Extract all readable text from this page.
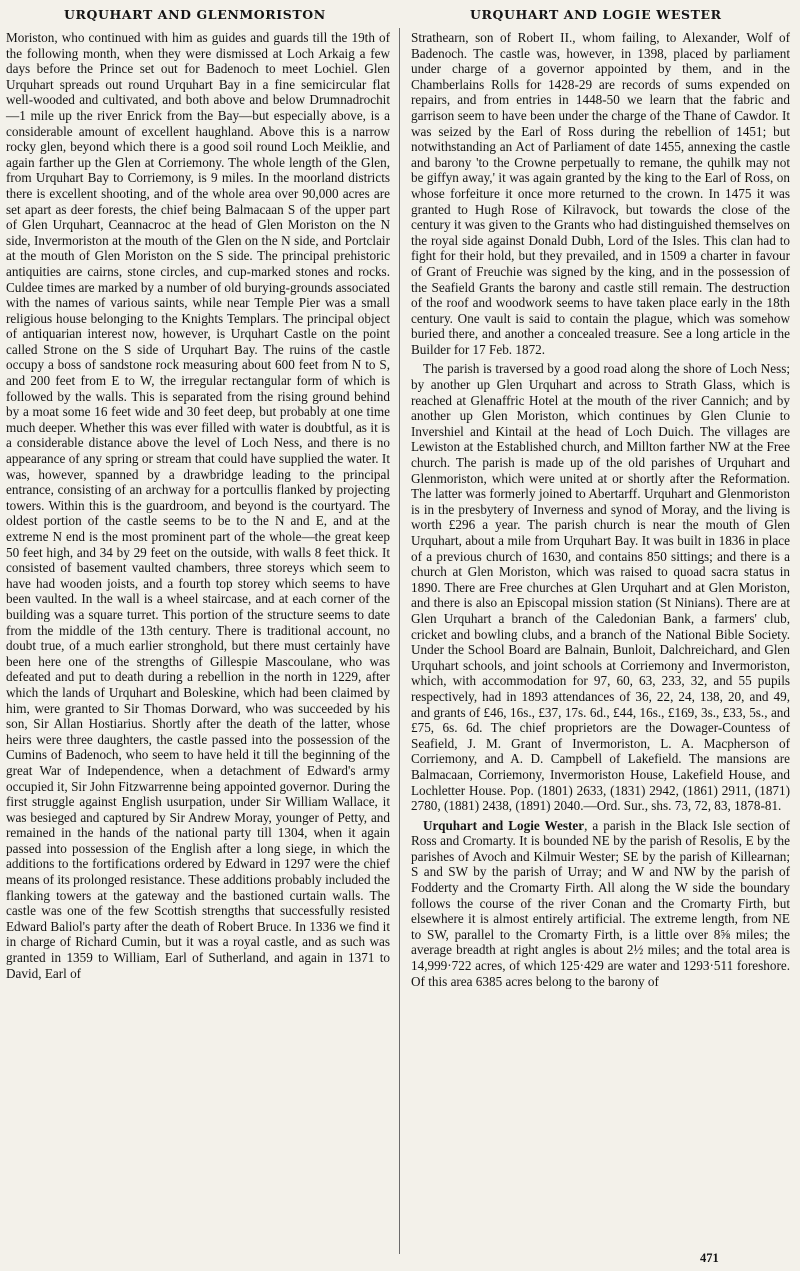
URQUHART AND GLENMORISTON	URQUHART AND LOGIE WESTER

Moriston, who continued with him as guides and guards till the 19th of the following month, when they were dismissed at Loch Arkaig a few days before the Prince set out for Badenoch to meet Lochiel. Glen Urquhart spreads out round Urquhart Bay in a fine semicircular flat well-wooded and cultivated, and both above and below Drumnadrochit—1 mile up the river Enrick from the Bay—but especially above, is a considerable amount of excellent haughland. Above this is a narrow rocky glen, beyond which there is a good soil round Loch Meiklie, and again farther up the Glen at Corriemony. The whole length of the Glen, from Urquhart Bay to Corriemony, is 9 miles. In the moorland districts there is excellent shooting, and of the whole area over 90,000 acres are set apart as deer forests, the chief being Balmacaan S of the upper part of Glen Urquhart, Ceannacroc at the head of Glen Moriston on the N side, Invermoriston at the mouth of the Glen on the N side, and Portclair at the mouth of Glen Moriston on the S side. The principal prehistoric antiquities are cairns, stone circles, and cup-marked stones and rocks. Culdee times are marked by a number of old burying-grounds associated with the names of various saints, while near Temple Pier was a small religious house belonging to the Knights Templars. The principal object of antiquarian interest now, however, is Urquhart Castle on the point called Strone on the S side of Urquhart Bay. The ruins of the castle occupy a boss of sandstone rock measuring about 600 feet from N to S, and 200 feet from E to W, the irregular rectangular form of which is followed by the walls. This is separated from the rising ground behind by a moat some 16 feet wide and 30 feet deep, but probably at one time much deeper. Whether this was ever filled with water is doubtful, as it is a considerable distance above the level of Loch Ness, and there is no appearance of any spring or stream that could have supplied the water. It was, however, spanned by a drawbridge leading to the principal entrance, consisting of an archway for a portcullis flanked by projecting towers. Within this is the guardroom, and beyond is the courtyard. The oldest portion of the castle seems to be to the N and E, and at the extreme N end is the most prominent part of the whole—the great keep 50 feet high, and 34 by 29 feet on the outside, with walls 8 feet thick. It consisted of basement vaulted chambers, three storeys which seem to have had wooden joists, and a fourth top storey which seems to have been vaulted. In the wall is a wheel staircase, and at each corner of the building was a square turret. This portion of the structure seems to date from the middle of the 13th century. There is traditional account, no doubt true, of a much earlier stronghold, but there must certainly have been here one of the strengths of Gillespie Mascoulane, who was defeated and put to death during a rebellion in the north in 1229, after which the lands of Urquhart and Boleskine, which had been claimed by him, were granted to Sir Thomas Dorward, who was succeeded by his son, Sir Allan Hostiarius. Shortly after the death of the latter, whose heirs were three daughters, the castle passed into the possession of the Cumins of Badenoch, who seem to have held it till the beginning of the great War of Independence, when a detachment of Edward's army occupied it, Sir John Fitzwarrenne being appointed governor. During the first struggle against English usurpation, under Sir William Wallace, it was besieged and captured by Sir Andrew Moray, younger of Petty, and remained in the hands of the national party till 1304, when it again passed into possession of the English after a long siege, in which the additions to the fortifications ordered by Edward in 1297 were the chief means of its prolonged resistance. These additions probably included the flanking towers at the gateway and the bastioned curtain walls. The castle was one of the few Scottish strengths that successfully resisted Edward Baliol's party after the death of Robert Bruce. In 1336 we find it in charge of Richard Cumin, but it was a royal castle, and as such was granted in 1359 to William, Earl of Sutherland, and again in 1371 to David, Earl of

Strathearn, son of Robert II., whom failing, to Alexander, Wolf of Badenoch. The castle was, however, in 1398, placed by parliament under charge of a governor appointed by them, and in the Chamberlains Rolls for 1428-29 are records of sums expended on repairs, and from entries in 1448-50 we learn that the fabric and garrison seem to have been under the charge of the Thane of Cawdor. It was seized by the Earl of Ross during the rebellion of 1451; but notwithstanding an Act of Parliament of date 1455, annexing the castle and barony 'to the Crowne perpetually to remane, the quhilk may not be giffyn away,' it was again granted by the king to the Earl of Ross, on whose forfeiture it once more returned to the crown. In 1475 it was granted to Hugh Rose of Kilravock, but towards the close of the century it was given to the Grants who had distinguished themselves on the royal side against Donald Dubh, Lord of the Isles. This clan had to fight for their hold, but they prevailed, and in 1509 a charter in favour of Grant of Freuchie was signed by the king, and in the possession of the Seafield Grants the barony and castle still remain. The destruction of the roof and woodwork seems to have taken place early in the 18th century. One vault is said to contain the plague, which was somehow buried there, and another a concealed treasure. See a long article in the Builder for 17 Feb. 1872.

The parish is traversed by a good road along the shore of Loch Ness; by another up Glen Urquhart and across to Strath Glass, which is reached at Glenaffric Hotel at the mouth of the river Cannich; and by another up Glen Moriston, which continues by Glen Clunie to Invershiel and Kintail at the head of Loch Duich. The villages are Lewiston at the Established church, and Millton farther NW at the Free church. The parish is made up of the old parishes of Urquhart and Glenmoriston, which were united at or shortly after the Reformation. The latter was formerly joined to Abertarff. Urquhart and Glenmoriston is in the presbytery of Inverness and synod of Moray, and the living is worth £296 a year. The parish church is near the mouth of Glen Urquhart, about a mile from Urquhart Bay. It was built in 1836 in place of a previous church of 1630, and contains 850 sittings; and there is a church at Glen Moriston, which was raised to quoad sacra status in 1890. There are Free churches at Glen Urquhart and at Glen Moriston, and there is also an Episcopal mission station (St Ninians). There are at Glen Urquhart a branch of the Caledonian Bank, a farmers' club, cricket and bowling clubs, and a branch of the National Bible Society. Under the School Board are Balnain, Bunloit, Dalchreichard, and Glen Urquhart schools, and joint schools at Corriemony and Invermoriston, which, with accommodation for 97, 60, 63, 233, 32, and 55 pupils respectively, had in 1893 attendances of 36, 22, 24, 138, 20, and 49, and grants of £46, 16s., £37, 17s. 6d., £44, 16s., £169, 3s., £33, 5s., and £75, 6s. 6d. The chief proprietors are the Dowager-Countess of Seafield, J. M. Grant of Invermoriston, L. A. Macpherson of Corriemony, and A. D. Campbell of Lakefield. The mansions are Balmacaan, Corriemony, Invermoriston House, Lakefield House, and Lochletter House. Pop. (1801) 2633, (1831) 2942, (1861) 2911, (1871) 2780, (1881) 2438, (1891) 2040.—Ord. Sur., shs. 73, 72, 83, 1878-81.

Urquhart and Logie Wester, a parish in the Black Isle section of Ross and Cromarty. It is bounded NE by the parish of Resolis, E by the parishes of Avoch and Kilmuir Wester; SE by the parish of Killearnan; S and SW by the parish of Urray; and W and NW by the parish of Fodderty and the Cromarty Firth. All along the W side the boundary follows the course of the river Conan and the Cromarty Firth, but elsewhere it is almost entirely artificial. The extreme length, from NE to SW, parallel to the Cromarty Firth, is a little over 8⅝ miles; the average breadth at right angles is about 2½ miles; and the total area is 14,999·722 acres, of which 125·429 are water and 1293·511 foreshore. Of this area 6385 acres belong to the barony of

471
